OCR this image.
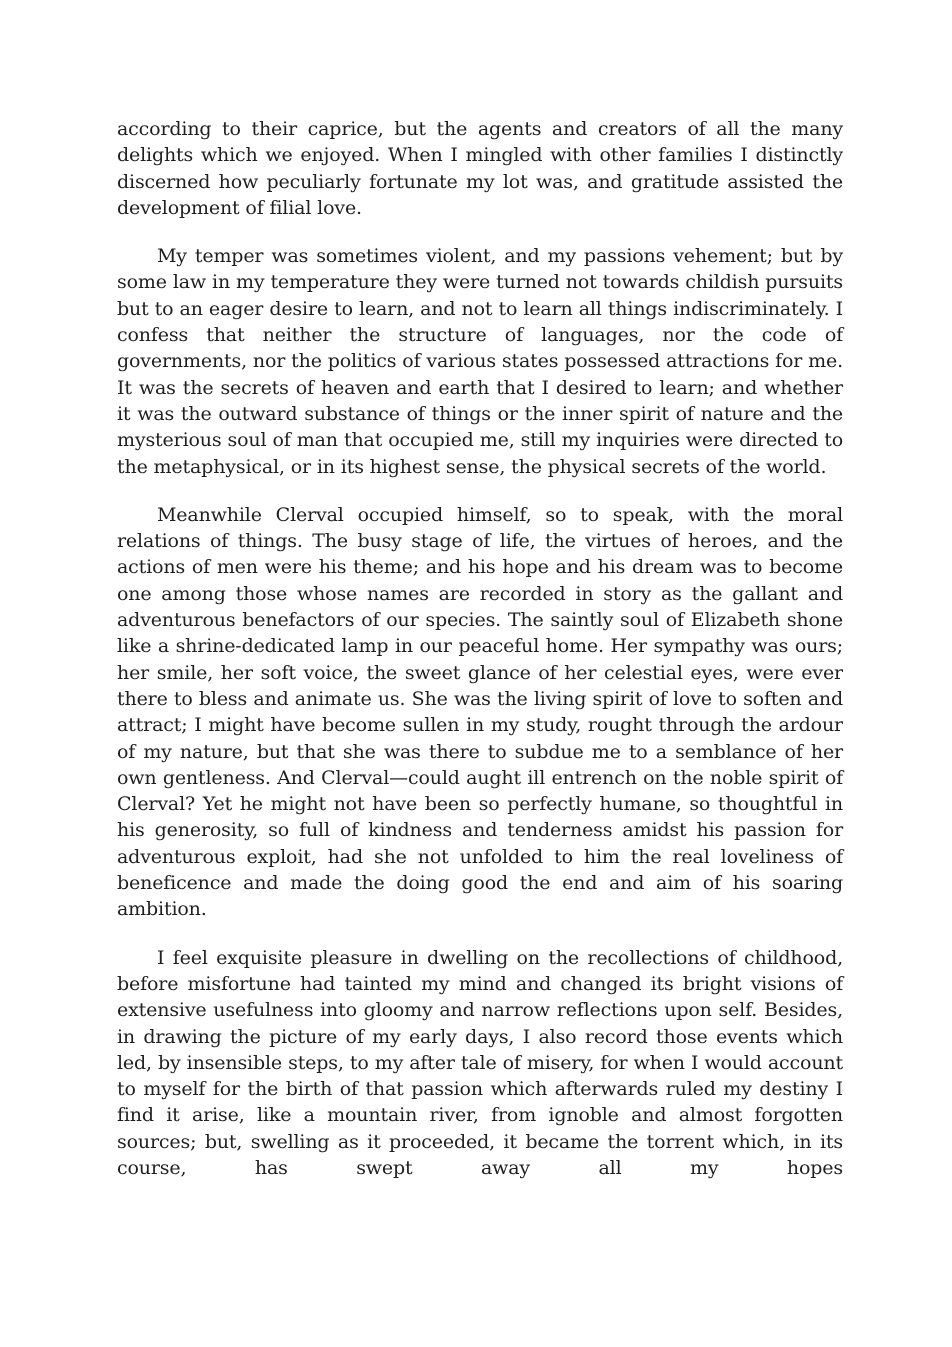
according to their caprice, but the agents and creators of all the many delights which we enjoyed. When I mingled with other families I distinctly discerned how peculiarly fortunate my lot was, and gratitude assisted the development of filial love.

My temper was sometimes violent, and my passions vehement; but by some law in my temperature they were turned not towards childish pursuits but to an eager desire to learn, and not to learn all things indiscriminately. I confess that neither the structure of languages, nor the code of governments, nor the politics of various states possessed attractions for me. It was the secrets of heaven and earth that I desired to learn; and whether it was the outward substance of things or the inner spirit of nature and the mysterious soul of man that occupied me, still my inquiries were directed to the metaphysical, or in its highest sense, the physical secrets of the world.

Meanwhile Clerval occupied himself, so to speak, with the moral relations of things. The busy stage of life, the virtues of heroes, and the actions of men were his theme; and his hope and his dream was to become one among those whose names are recorded in story as the gallant and adventurous benefactors of our species. The saintly soul of Elizabeth shone like a shrine-dedicated lamp in our peaceful home. Her sympathy was ours; her smile, her soft voice, the sweet glance of her celestial eyes, were ever there to bless and animate us. She was the living spirit of love to soften and attract; I might have become sullen in my study, rought through the ardour of my nature, but that she was there to subdue me to a semblance of her own gentleness. And Clerval—could aught ill entrench on the noble spirit of Clerval? Yet he might not have been so perfectly humane, so thoughtful in his generosity, so full of kindness and tenderness amidst his passion for adventurous exploit, had she not unfolded to him the real loveliness of beneficence and made the doing good the end and aim of his soaring ambition.

I feel exquisite pleasure in dwelling on the recollections of childhood, before misfortune had tainted my mind and changed its bright visions of extensive usefulness into gloomy and narrow reflections upon self. Besides, in drawing the picture of my early days, I also record those events which led, by insensible steps, to my after tale of misery, for when I would account to myself for the birth of that passion which afterwards ruled my destiny I find it arise, like a mountain river, from ignoble and almost forgotten sources; but, swelling as it proceeded, it became the torrent which, in its course, has swept away all my hopes
